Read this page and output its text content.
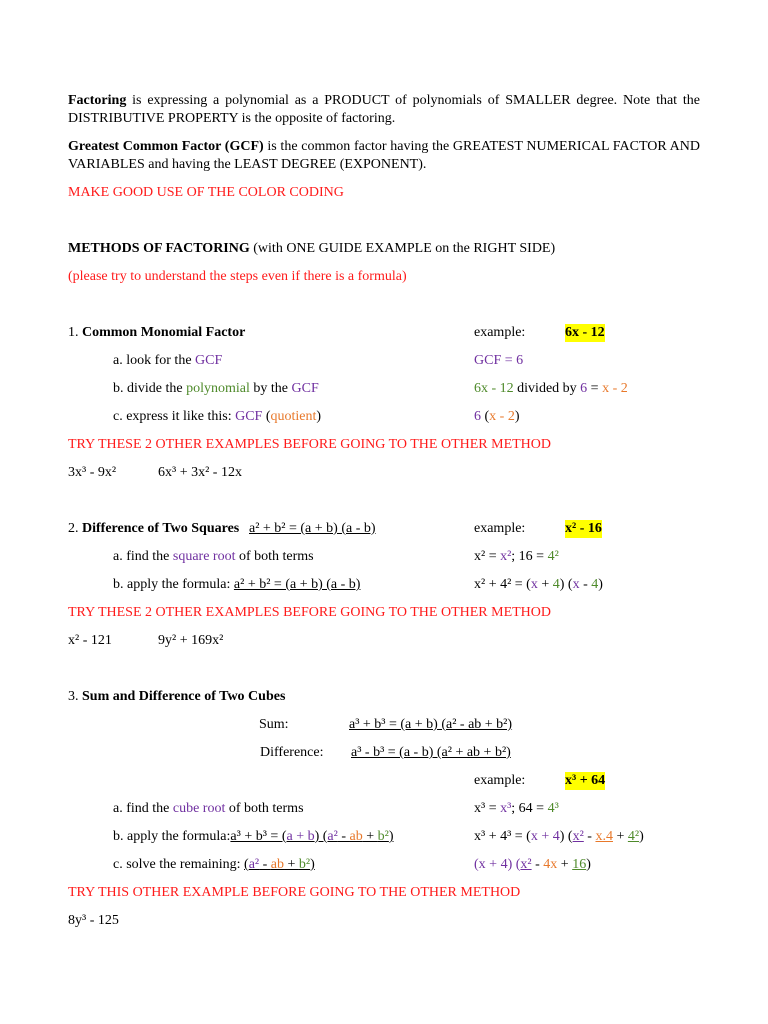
Factoring is expressing a polynomial as a PRODUCT of polynomials of SMALLER degree. Note that the DISTRIBUTIVE PROPERTY is the opposite of factoring.
Greatest Common Factor (GCF) is the common factor having the GREATEST NUMERICAL FACTOR AND VARIABLES and having the LEAST DEGREE (EXPONENT).
MAKE GOOD USE OF THE COLOR CODING
METHODS OF FACTORING (with ONE GUIDE EXAMPLE on the RIGHT SIDE)
(please try to understand the steps even if there is a formula)
1. Common Monomial Factor	example:	6x - 12
a. look for the GCF	GCF = 6
b. divide the polynomial by the GCF	6x - 12 divided by 6 = x - 2
c. express it like this: GCF (quotient)	6 (x - 2)
TRY THESE 2 OTHER EXAMPLES BEFORE GOING TO THE OTHER METHOD
3x³ - 9x²	6x³ + 3x² - 12x
2. Difference of Two Squares a² + b² = (a + b) (a - b)	example:	x² - 16
a. find the square root of both terms	x² = x²; 16 = 4²
b. apply the formula: a² + b² = (a + b) (a - b)	x² + 4² = (x + 4) (x - 4)
TRY THESE 2 OTHER EXAMPLES BEFORE GOING TO THE OTHER METHOD
x² - 121	9y² + 169x²
3. Sum and Difference of Two Cubes
Sum:	a³ + b³ = (a + b) (a² - ab + b²)
Difference: a³ - b³ = (a - b) (a² + ab + b²)
example:	x³ + 64
a. find the cube root of both terms	x³ = x³; 64 = 4³
b. apply the formula:a³ + b³ = (a + b) (a² - ab + b²)	x³ + 4³ = (x + 4) (x² - x.4 + 4²)
c. solve the remaining: (a² - ab + b²)	(x + 4) (x² - 4x + 16)
TRY THIS OTHER EXAMPLE BEFORE GOING TO THE OTHER METHOD
8y³ - 125
